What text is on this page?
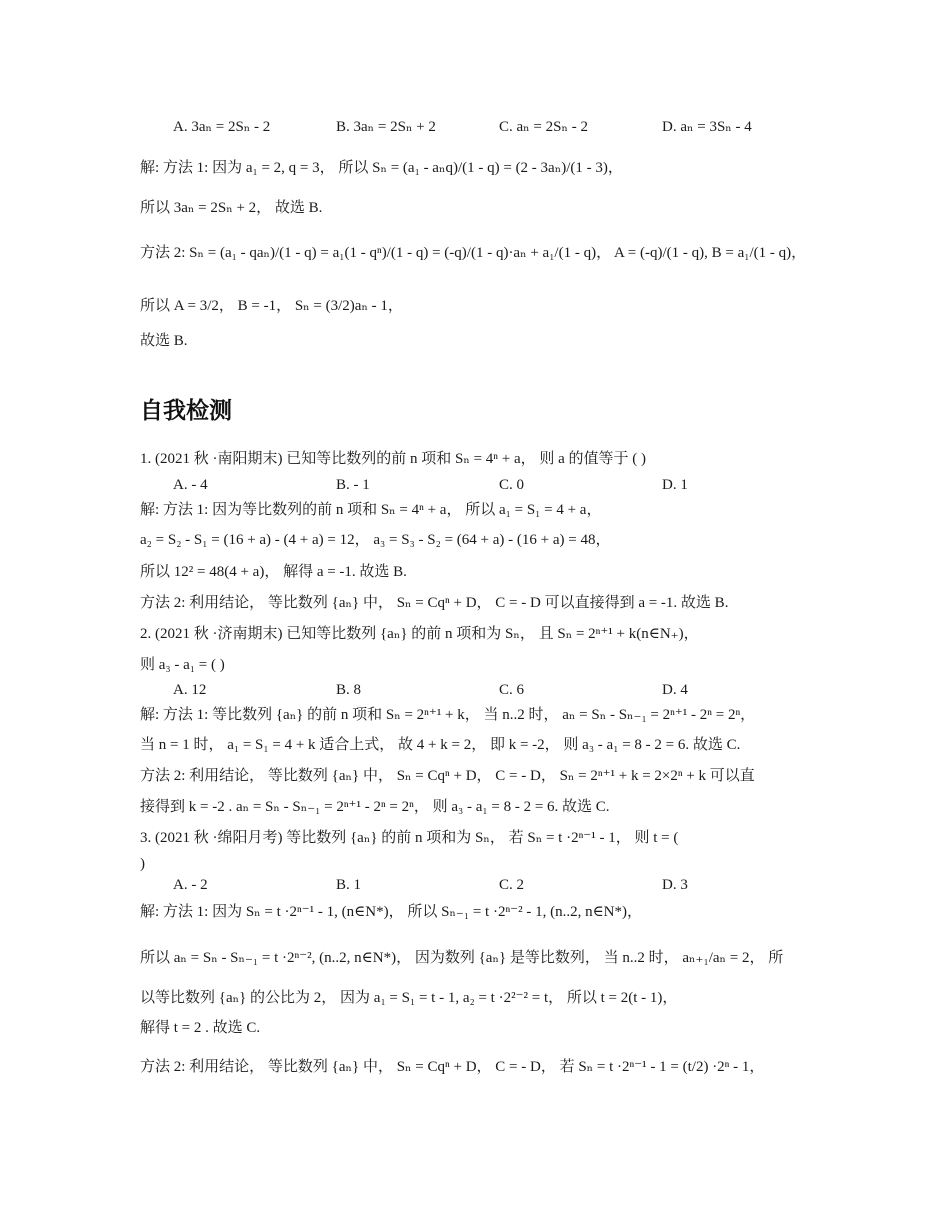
A. 3aₙ = 2Sₙ - 2	B. 3aₙ = 2Sₙ + 2	C. aₙ = 2Sₙ - 2	D. aₙ = 3Sₙ - 4
解: 方法 1: 因为 a₁ = 2, q = 3， 所以 Sₙ = (a₁ - aₙq)/(1 - q) = (2 - 3aₙ)/(1 - 3)，
所以 3aₙ = 2Sₙ + 2， 故选 B.
方法 2: Sₙ = (a₁ - qaₙ)/(1 - q) = a₁(1 - qⁿ)/(1 - q) = (-q)/(1 - q)·aₙ + a₁/(1 - q)， A = (-q)/(1 - q), B = a₁/(1 - q)，
所以 A = 3/2， B = -1， Sₙ = (3/2)aₙ - 1，
故选 B.
自我检测
1. (2021 秋 ·南阳期末) 已知等比数列的前 n 项和 Sₙ = 4ⁿ + a， 则 a 的值等于 ( )
A. - 4	B. - 1	C. 0	D. 1
解: 方法 1: 因为等比数列的前 n 项和 Sₙ = 4ⁿ + a， 所以 a₁ = S₁ = 4 + a，
a₂ = S₂ - S₁ = (16 + a) - (4 + a) = 12， a₃ = S₃ - S₂ = (64 + a) - (16 + a) = 48，
所以 12² = 48(4 + a)， 解得 a = -1. 故选 B.
方法 2: 利用结论， 等比数列 {aₙ} 中， Sₙ = Cqⁿ + D， C = - D 可以直接得到 a = -1. 故选 B.
2. (2021 秋 ·济南期末) 已知等比数列 {aₙ} 的前 n 项和为 Sₙ， 且 Sₙ = 2ⁿ⁺¹ + k(n∈N₊)，
则 a₃ - a₁ = ( )
A. 12	B. 8	C. 6	D. 4
解: 方法 1: 等比数列 {aₙ} 的前 n 项和 Sₙ = 2ⁿ⁺¹ + k， 当 n..2 时， aₙ = Sₙ - Sₙ₋₁ = 2ⁿ⁺¹ - 2ⁿ = 2ⁿ，
当 n = 1 时， a₁ = S₁ = 4 + k 适合上式， 故 4 + k = 2， 即 k = -2， 则 a₃ - a₁ = 8 - 2 = 6. 故选 C.
方法 2: 利用结论， 等比数列 {aₙ} 中， Sₙ = Cqⁿ + D， C = - D， Sₙ = 2ⁿ⁺¹ + k = 2×2ⁿ + k 可以直
接得到 k = -2 . aₙ = Sₙ - Sₙ₋₁ = 2ⁿ⁺¹ - 2ⁿ = 2ⁿ， 则 a₃ - a₁ = 8 - 2 = 6. 故选 C.
3. (2021 秋 ·绵阳月考) 等比数列 {aₙ} 的前 n 项和为 Sₙ， 若 Sₙ = t ·2ⁿ⁻¹ - 1， 则 t = (
)
A. - 2	B. 1	C. 2	D. 3
解: 方法 1: 因为 Sₙ = t ·2ⁿ⁻¹ - 1, (n∈N*)， 所以 Sₙ₋₁ = t ·2ⁿ⁻² - 1, (n..2, n∈N*)，
所以 aₙ = Sₙ - Sₙ₋₁ = t ·2ⁿ⁻², (n..2, n∈N*)， 因为数列 {aₙ} 是等比数列， 当 n..2 时， aₙ₊₁/aₙ = 2， 所
以等比数列 {aₙ} 的公比为 2， 因为 a₁ = S₁ = t - 1, a₂ = t ·2²⁻² = t， 所以 t = 2(t - 1)，
解得 t = 2 . 故选 C.
方法 2: 利用结论， 等比数列 {aₙ} 中， Sₙ = Cqⁿ + D， C = - D， 若 Sₙ = t ·2ⁿ⁻¹ - 1 = (t/2) ·2ⁿ - 1，
